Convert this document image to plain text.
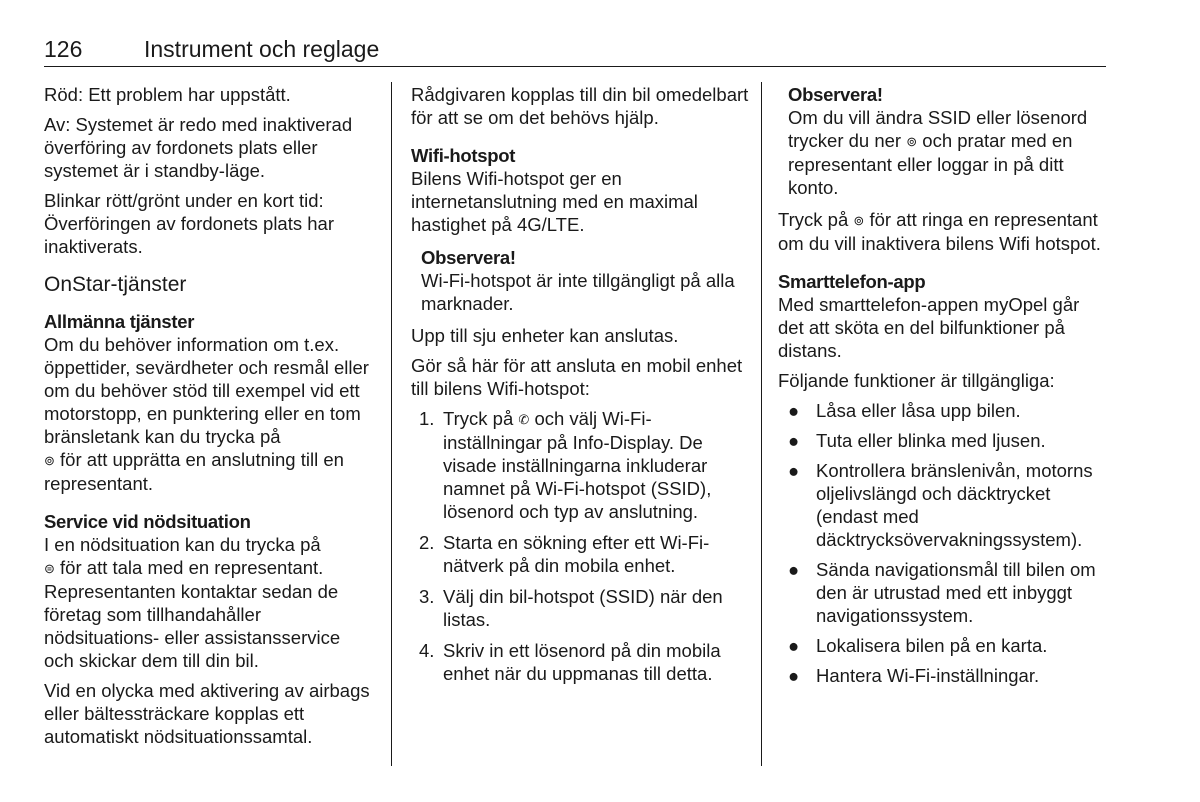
126	Instrument och reglage

Röd: Ett problem har uppstått.

Av: Systemet är redo med inaktiverad överföring av fordonets plats eller systemet är i standby-läge.

Blinkar rött/grönt under en kort tid: Överföringen av fordonets plats har inaktiverats.

OnStar-tjänster
Allmänna tjänster

Om du behöver information om t.ex. öppettider, sevärdheter och resmål eller om du behöver stöd till exempel vid ett motorstopp, en punktering eller en tom bränsletank kan du trycka på
⊚ för att upprätta en anslutning till en representant.

Service vid nödsituation

I en nödsituation kan du trycka på
⊜ för att tala med en representant. Representanten kontaktar sedan de företag som tillhandahåller nödsituations- eller assistansservice och skickar dem till din bil.

Vid en olycka med aktivering av airbags eller bältessträckare kopplas ett automatiskt nödsituationssamtal.

Rådgivaren kopplas till din bil omedelbart för att se om det behövs hjälp.

Wifi-hotspot

Bilens Wifi-hotspot ger en internetanslutning med en maximal hastighet på 4G/LTE.

Observera!
Wi-Fi-hotspot är inte tillgängligt på alla marknader.

Upp till sju enheter kan anslutas.

Gör så här för att ansluta en mobil enhet till bilens Wifi-hotspot:

1. Tryck på ✆ och välj Wi-Fi-inställningar på Info-Display. De visade inställningarna inkluderar namnet på Wi-Fi-hotspot (SSID), lösenord och typ av anslutning.
2. Starta en sökning efter ett Wi-Fi-nätverk på din mobila enhet.
3. Välj din bil-hotspot (SSID) när den listas.
4. Skriv in ett lösenord på din mobila enhet när du uppmanas till detta.
Observera!
Om du vill ändra SSID eller lösenord trycker du ner ⊚ och pratar med en representant eller loggar in på ditt konto.

Tryck på ⊚ för att ringa en representant om du vill inaktivera bilens Wifi hotspot.

Smarttelefon-app

Med smarttelefon-appen myOpel går det att sköta en del bilfunktioner på distans.

Följande funktioner är tillgängliga:

● Låsa eller låsa upp bilen.
● Tuta eller blinka med ljusen.
● Kontrollera bränslenivån, motorns oljelivslängd och däcktrycket (endast med däcktrycksövervakningssystem).
● Sända navigationsmål till bilen om den är utrustad med ett inbyggt navigationssystem.
● Lokalisera bilen på en karta.
● Hantera Wi-Fi-inställningar.
